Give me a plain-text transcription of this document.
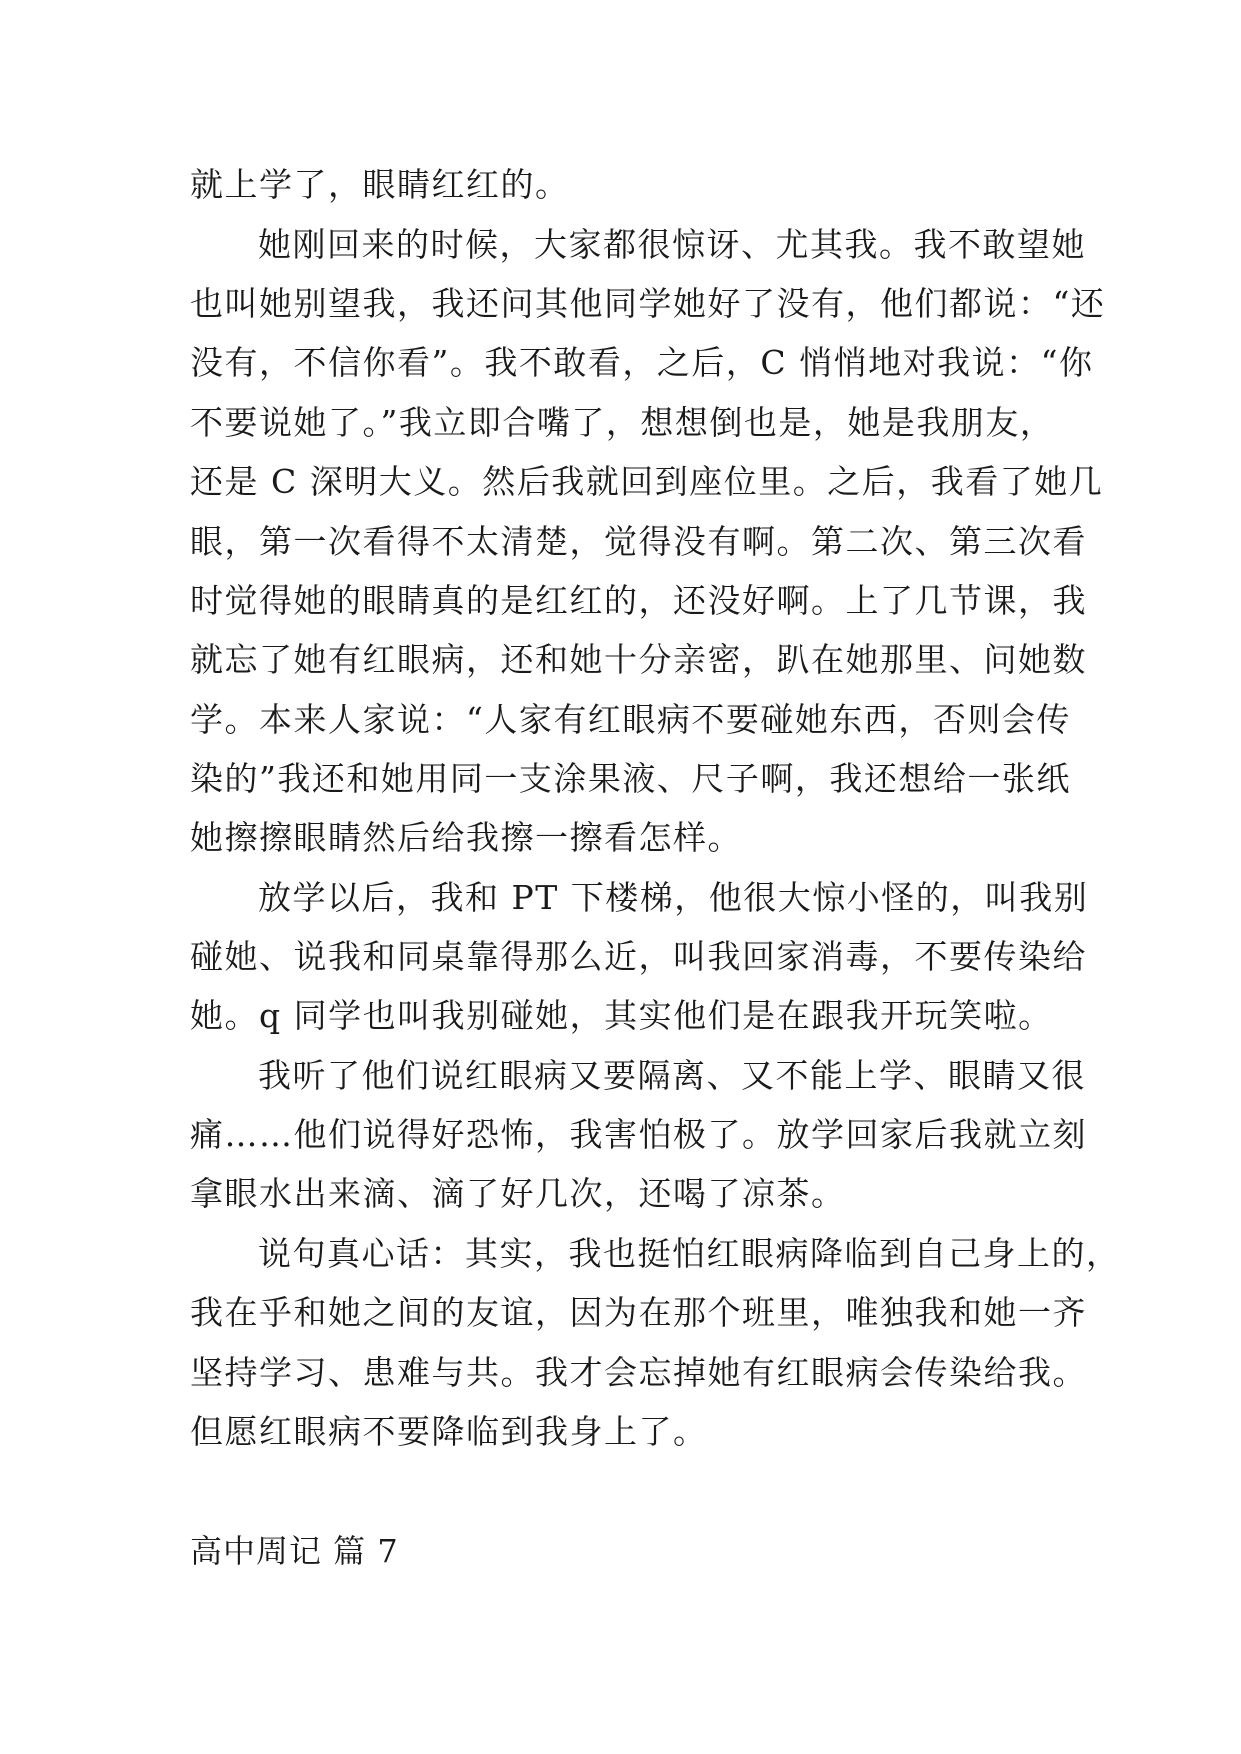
就上学了，眼睛红红的。
她刚回来的时候，大家都很惊讶、尤其我。我不敢望她
也叫她别望我，我还问其他同学她好了没有，他们都说：“还
没有，不信你看”。我不敢看，之后，C 悄悄地对我说：“你
不要说她了。”我立即合嘴了，想想倒也是，她是我朋友，
还是 C 深明大义。然后我就回到座位里。之后，我看了她几
眼，第一次看得不太清楚，觉得没有啊。第二次、第三次看
时觉得她的眼睛真的是红红的，还没好啊。上了几节课，我
就忘了她有红眼病，还和她十分亲密，趴在她那里、问她数
学。本来人家说：“人家有红眼病不要碰她东西，否则会传
染的”我还和她用同一支涂果液、尺子啊，我还想给一张纸
她擦擦眼睛然后给我擦一擦看怎样。
放学以后，我和 PT 下楼梯，他很大惊小怪的，叫我别
碰她、说我和同桌靠得那么近，叫我回家消毒，不要传染给
她。q 同学也叫我别碰她，其实他们是在跟我开玩笑啦。
我听了他们说红眼病又要隔离、又不能上学、眼睛又很
痛……他们说得好恐怖，我害怕极了。放学回家后我就立刻
拿眼水出来滴、滴了好几次，还喝了凉茶。
说句真心话：其实，我也挺怕红眼病降临到自己身上的，
我在乎和她之间的友谊，因为在那个班里，唯独我和她一齐
坚持学习、患难与共。我才会忘掉她有红眼病会传染给我。
但愿红眼病不要降临到我身上了。
高中周记 篇 7
